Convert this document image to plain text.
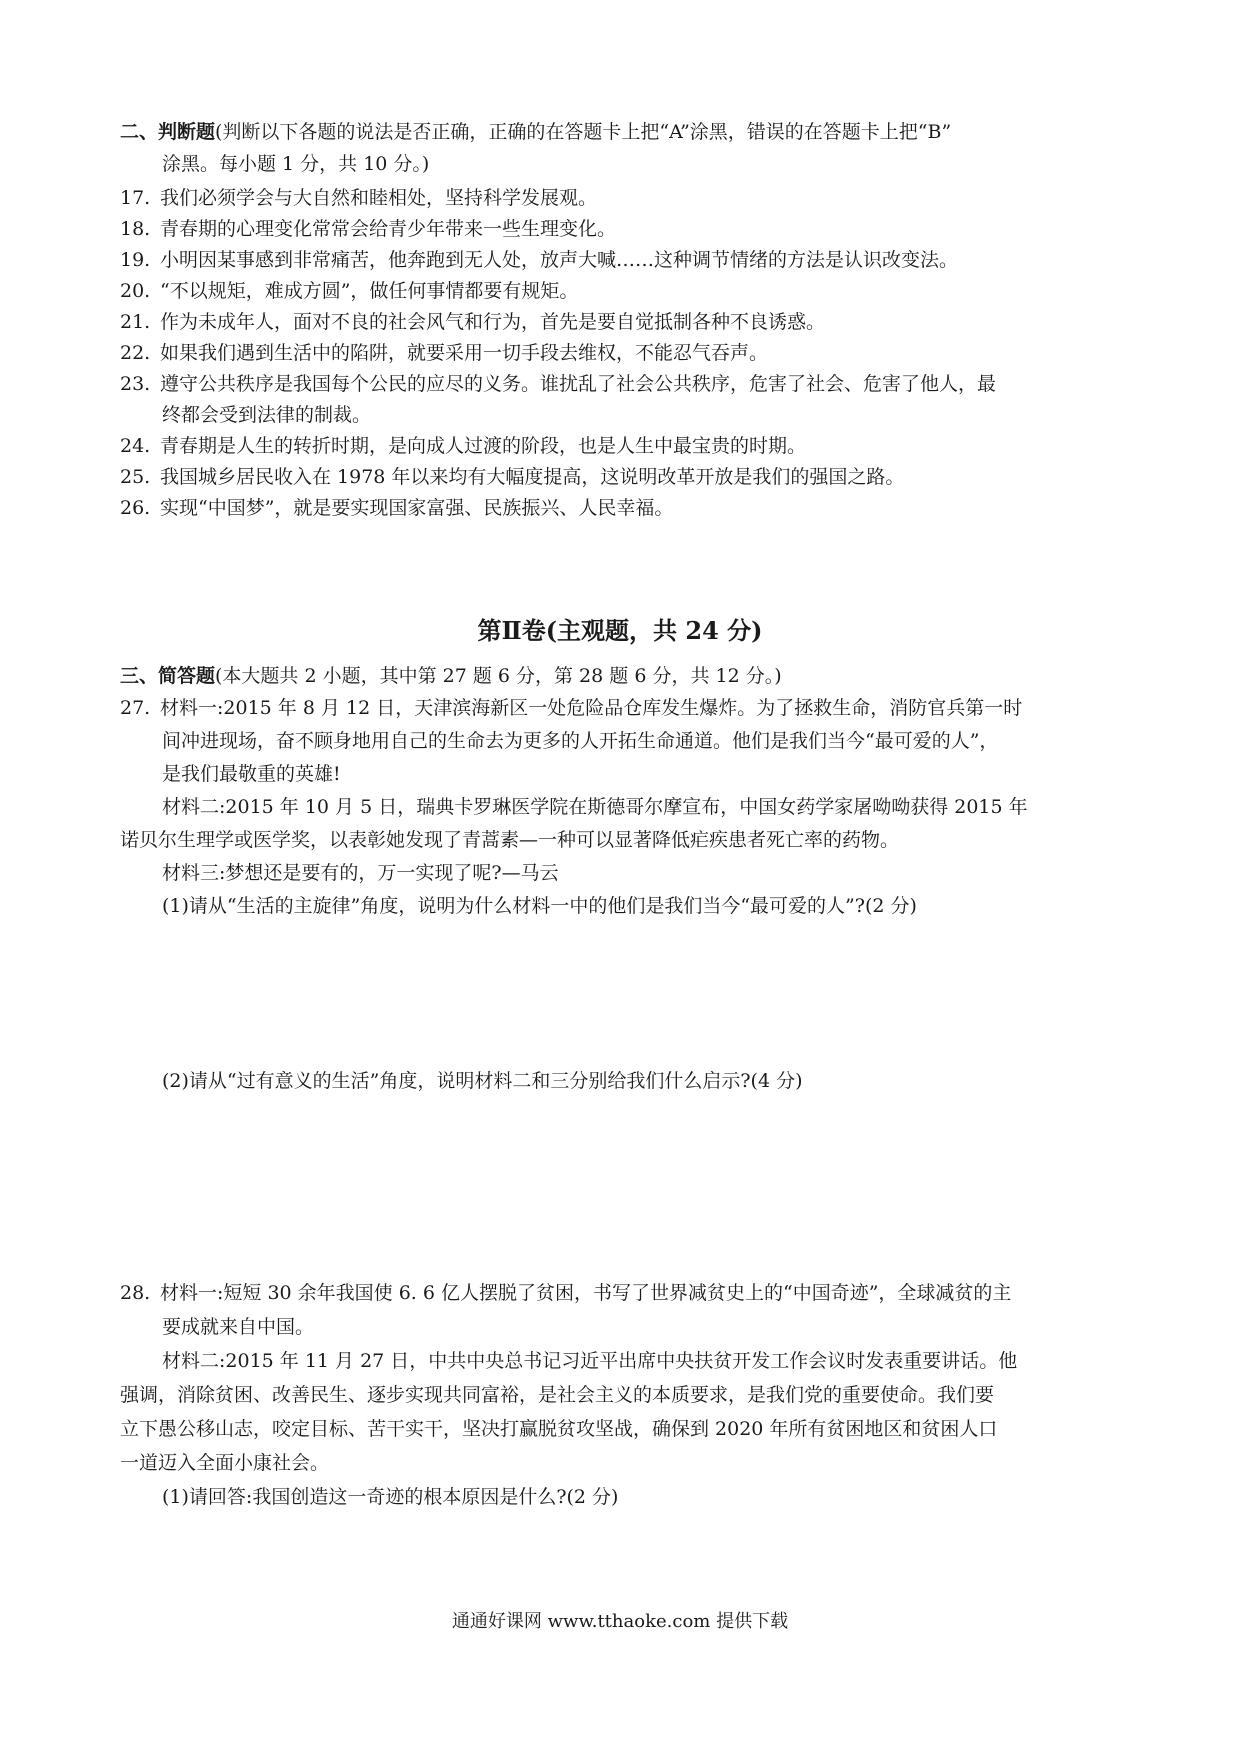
二、判断题(判断以下各题的说法是否正确，正确的在答题卡上把“A”涂黑，错误的在答题卡上把“B”
涂黑。每小题 1 分，共 10 分。)
17. 我们必须学会与大自然和睦相处，坚持科学发展观。
18. 青春期的心理变化常常会给青少年带来一些生理变化。
19. 小明因某事感到非常痛苦，他奔跑到无人处，放声大喊……这种调节情绪的方法是认识改变法。
20. “不以规矩，难成方圆”，做任何事情都要有规矩。
21. 作为未成年人，面对不良的社会风气和行为，首先是要自觉抵制各种不良诱惑。
22. 如果我们遇到生活中的陷阱，就要采用一切手段去维权，不能忍气吞声。
23. 遵守公共秩序是我国每个公民的应尽的义务。谁扰乱了社会公共秩序，危害了社会、危害了他人，最
终都会受到法律的制裁。
24. 青春期是人生的转折时期，是向成人过渡的阶段，也是人生中最宝贵的时期。
25. 我国城乡居民收入在 1978 年以来均有大幅度提高，这说明改革开放是我们的强国之路。
26. 实现“中国梦”，就是要实现国家富强、民族振兴、人民幸福。
第Ⅱ卷(主观题，共 24 分)
三、简答题(本大题共 2 小题，其中第 27 题 6 分，第 28 题 6 分，共 12 分。)
27. 材料一:2015 年 8 月 12 日，天津滨海新区一处危险品仓库发生爆炸。为了拯救生命，消防官兵第一时
间冲进现场，奋不顾身地用自己的生命去为更多的人开拓生命通道。他们是我们当今“最可爱的人”，
是我们最敬重的英雄!
材料二:2015 年 10 月 5 日，瑞典卡罗琳医学院在斯德哥尔摩宣布，中国女药学家屠呦呦获得 2015 年
诺贝尔生理学或医学奖，以表彰她发现了青蒿素—一种可以显著降低疟疾患者死亡率的药物。
材料三:梦想还是要有的，万一实现了呢?—马云
(1)请从“生活的主旋律”角度，说明为什么材料一中的他们是我们当今“最可爱的人”?(2 分)
(2)请从“过有意义的生活”角度，说明材料二和三分别给我们什么启示?(4 分)
28. 材料一:短短 30 余年我国使 6. 6 亿人摆脱了贫困，书写了世界减贫史上的“中国奇迹”，全球减贫的主
要成就来自中国。
材料二:2015 年 11 月 27 日，中共中央总书记习近平出席中央扶贫开发工作会议时发表重要讲话。他
强调，消除贫困、改善民生、逐步实现共同富裕，是社会主义的本质要求，是我们党的重要使命。我们要
立下愚公移山志，咬定目标、苦干实干，坚决打赢脱贫攻坚战，确保到 2020 年所有贫困地区和贫困人口
一道迈入全面小康社会。
(1)请回答:我国创造这一奇迹的根本原因是什么?(2 分)
通通好课网 www.tthaoke.com 提供下载
